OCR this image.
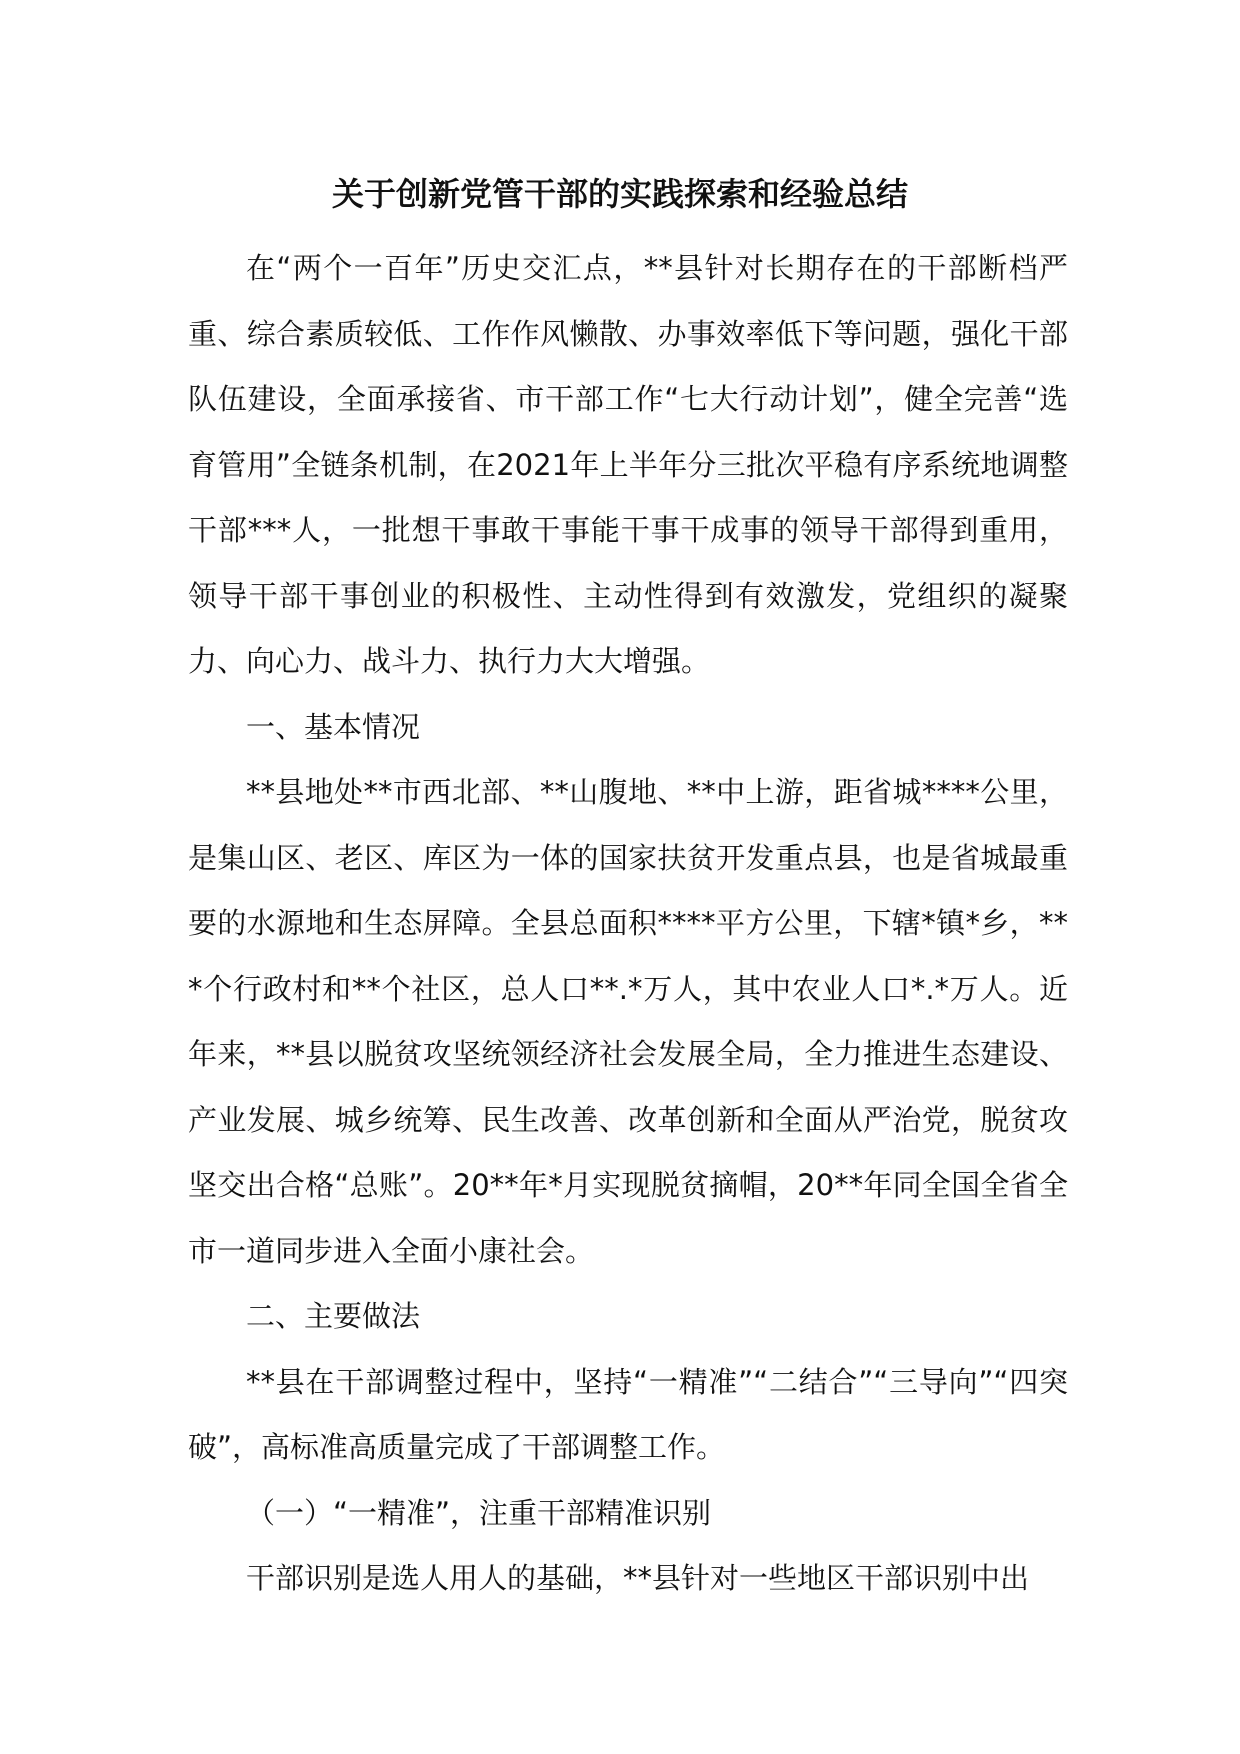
关于创新党管干部的实践探索和经验总结

在“两个一百年”历史交汇点，**县针对长期存在的干部断档严重、综合素质较低、工作作风懒散、办事效率低下等问题，强化干部队伍建设，全面承接省、市干部工作“七大行动计划”，健全完善“选育管用”全链条机制，在2021年上半年分三批次平稳有序系统地调整干部***人，一批想干事敢干事能干事干成事的领导干部得到重用，领导干部干事创业的积极性、主动性得到有效激发，党组织的凝聚力、向心力、战斗力、执行力大大增强。

一、基本情况

**县地处**市西北部、**山腹地、**中上游，距省城****公里，是集山区、老区、库区为一体的国家扶贫开发重点县，也是省城最重要的水源地和生态屏障。全县总面积****平方公里，下辖*镇*乡，***个行政村和**个社区，总人口**.*万人，其中农业人口*.*万人。近年来，**县以脱贫攻坚统领经济社会发展全局，全力推进生态建设、产业发展、城乡统筹、民生改善、改革创新和全面从严治党，脱贫攻坚交出合格“总账”。20**年*月实现脱贫摘帽，20**年同全国全省全市一道同步进入全面小康社会。

二、主要做法

**县在干部调整过程中，坚持“一精准”“二结合”“三导向”“四突破”，高标准高质量完成了干部调整工作。

（一）“一精准”，注重干部精准识别

干部识别是选人用人的基础，**县针对一些地区干部识别中出
